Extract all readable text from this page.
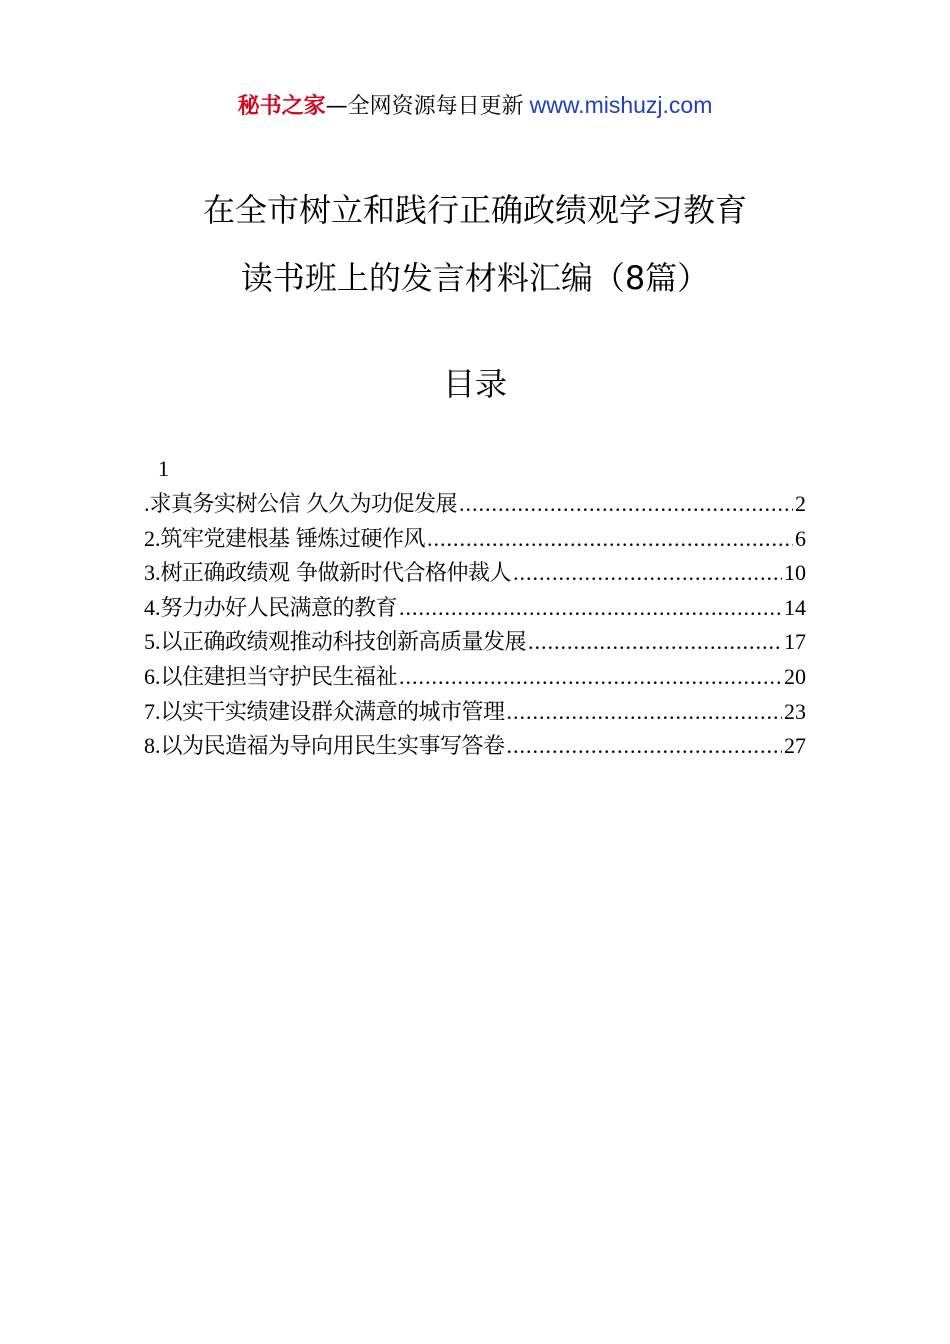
秘书之家—全网资源每日更新 www.mishuzj.com
在全市树立和践行正确政绩观学习教育
读书班上的发言材料汇编（8篇）
目录
1
. 求真务实树公信 久久为功促发展 .....	2
2. 筑牢党建根基 锤炼过硬作风 .....	6
3. 树正确政绩观 争做新时代合格仲裁人 .....	10
4. 努力办好人民满意的教育 .....	14
5. 以正确政绩观推动科技创新高质量发展 .....	17
6. 以住建担当守护民生福祉 .....	20
7. 以实干实绩建设群众满意的城市管理 .....	23
8. 以为民造福为导向用民生实事写答卷 .....	27
